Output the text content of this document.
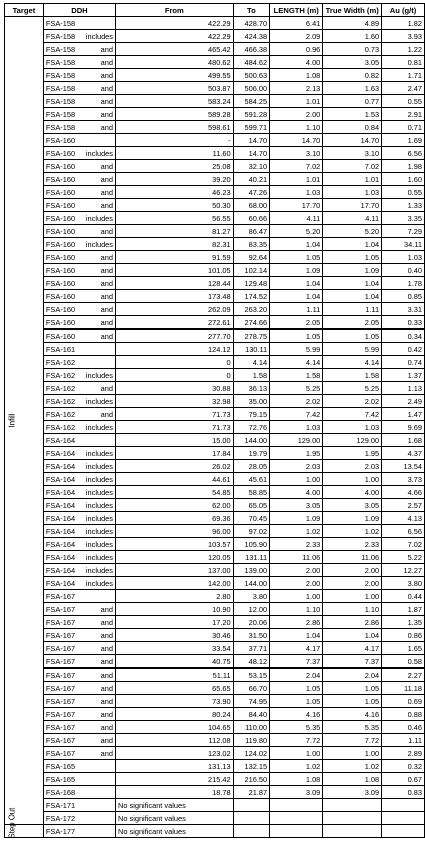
Target	DDH		From	To	LENGTH (m)	True Width (m)	Au (g/t)

Infill	FSA-158		422.29	428.70	6.41	4.89	1.82
	FSA-158	includes	422.29	424.38	2.09	1.60	3.93
	FSA-158	and	465.42	466.38	0.96	0.73	1.22
	FSA-158	and	480.62	484.62	4.00	3.05	0.81
	FSA-158	and	499.55	500.63	1.08	0.82	1.71
	FSA-158	and	503.87	506.00	2.13	1.63	2.47
	FSA-158	and	583.24	584.25	1.01	0.77	0.55
	FSA-158	and	589.28	591.28	2.00	1.53	2.91
	FSA-158	and	598.61	599.71	1.10	0.84	0.71
	FSA-160		-	14.70	14.70	14.70	1.69
	FSA-160	includes	11.60	14.70	3.10	3.10	6.56
	FSA-160	and	25.08	32.10	7.02	7.02	1.98
	FSA-160	and	39.20	40.21	1.01	1.01	1.60
	FSA-160	and	46.23	47.26	1.03	1.03	0.55
	FSA-160	and	50.30	68.00	17.70	17.70	1.33
	FSA-160	includes	56.55	60.66	4.11	4.11	3.35
	FSA-160	and	81.27	86.47	5.20	5.20	7.29
	FSA-160	includes	82.31	83.35	1.04	1.04	34.11
	FSA-160	and	91.59	92.64	1.05	1.05	1.03
	FSA-160	and	101.05	102.14	1.09	1.09	0.40
	FSA-160	and	128.44	129.48	1.04	1.04	1.78
	FSA-160	and	173.48	174.52	1.04	1.04	0.85
	FSA-160	and	262.09	263.20	1.11	1.11	3.31
	FSA-160	and	272.61	274.66	2.05	2.05	0.33
	FSA-160	and	277.70	278.75	1.05	1.05	0.34
	FSA-161		124.12	130.11	5.99	5.99	0.42
	FSA-162		0	4.14	4.14	4.14	0.74
	FSA-162	includes	0	1.58	1.58	1.58	1.37
	FSA-162	and	30.88	36.13	5.25	5.25	1.13
	FSA-162	includes	32.98	35.00	2.02	2.02	2.49
	FSA-162	and	71.73	79.15	7.42	7.42	1.47
	FSA-162	includes	71.73	72.76	1.03	1.03	9.69
	FSA-164		15.00	144.00	129.00	129.00	1.68
	FSA-164	includes	17.84	19.79	1.95	1.95	4.37
	FSA-164	includes	26.02	28.05	2.03	2.03	13.54
	FSA-164	includes	44.61	45.61	1.00	1.00	3.73
	FSA-164	includes	54.85	58.85	4.00	4.00	4.66
	FSA-164	includes	62.00	65.05	3.05	3.05	2.57
	FSA-164	includes	69.36	70.45	1.09	1.09	4.13
	FSA-164	includes	96.00	97.02	1.02	1.02	6.56
	FSA-164	includes	103.57	105.90	2.33	2.33	7.02
	FSA-164	includes	120.05	131.11	11.06	11.06	5.22
	FSA-164	includes	137.00	139.00	2.00	2.00	12.27
	FSA-164	includes	142.00	144.00	2.00	2.00	3.80
	FSA-167		2.80	3.80	1.00	1.00	0.44
	FSA-167	and	10.90	12.00	1.10	1.10	1.87
	FSA-167	and	17.20	20.06	2.86	2.86	1.35
	FSA-167	and	30.46	31.50	1.04	1.04	0.86
	FSA-167	and	33.54	37.71	4.17	4.17	1.65
	FSA-167	and	40.75	48.12	7.37	7.37	0.58
	FSA-167	and	51.11	53.15	2.04	2.04	2.27
	FSA-167	and	65.65	66.70	1.05	1.05	11.18
	FSA-167	and	73.90	74.95	1.05	1.05	0.69
	FSA-167	and	80.24	84.40	4.16	4.16	0.88
	FSA-167	and	104.65	110.00	5.35	5.35	0.46
	FSA-167	and	112.08	119.80	7.72	7.72	1.11
	FSA-167	and	123.02	124.02	1.00	1.00	2.89
	FSA-165		131.13	132.15	1.02	1.02	0.32
	FSA-165		215.42	216.50	1.08	1.08	0.67
	FSA-168		18.78	21.87	3.09	3.09	0.83
	FSA-171		No significant values				
	FSA-172		No significant values				

Step Out	FSA-177		No significant values				
